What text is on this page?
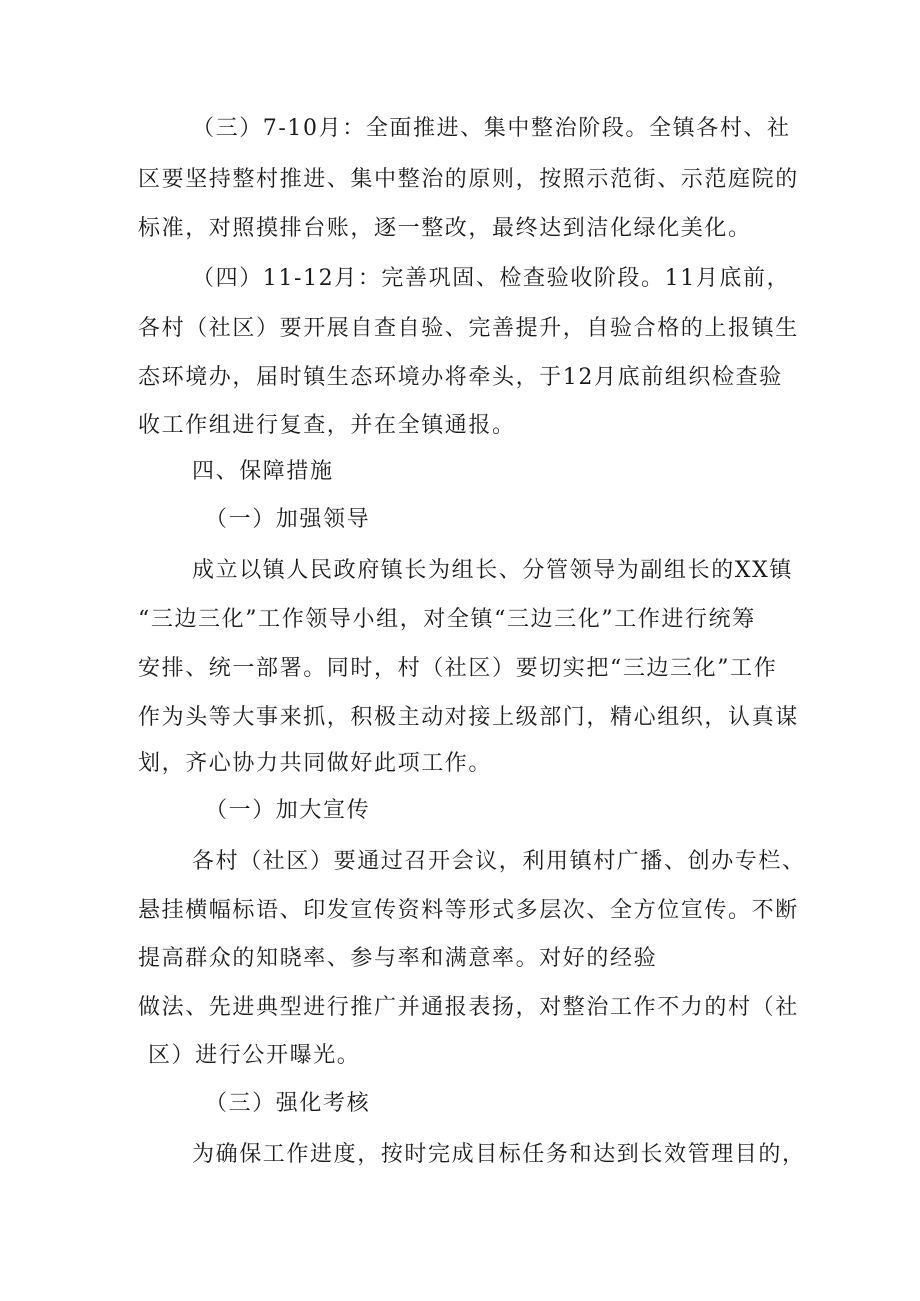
（三）7-10月：全面推进、集中整治阶段。全镇各村、社
区要坚持整村推进、集中整治的原则，按照示范街、示范庭院的
标准，对照摸排台账，逐一整改，最终达到洁化绿化美化。
（四）11-12月：完善巩固、检查验收阶段。11月底前，
各村（社区）要开展自查自验、完善提升，自验合格的上报镇生
态环境办，届时镇生态环境办将牵头，于12月底前组织检查验
收工作组进行复查，并在全镇通报。
四、保障措施
（一）加强领导
成立以镇人民政府镇长为组长、分管领导为副组长的XX镇
“三边三化”工作领导小组，对全镇“三边三化”工作进行统筹
安排、统一部署。同时，村（社区）要切实把“三边三化”工作
作为头等大事来抓，积极主动对接上级部门，精心组织，认真谋
划，齐心协力共同做好此项工作。
（一）加大宣传
各村（社区）要通过召开会议，利用镇村广播、创办专栏、
悬挂横幅标语、印发宣传资料等形式多层次、全方位宣传。不断
提高群众的知晓率、参与率和满意率。对好的经验
做法、先进典型进行推广并通报表扬，对整治工作不力的村（社
区）进行公开曝光。
（三）强化考核
为确保工作进度，按时完成目标任务和达到长效管理目的，
